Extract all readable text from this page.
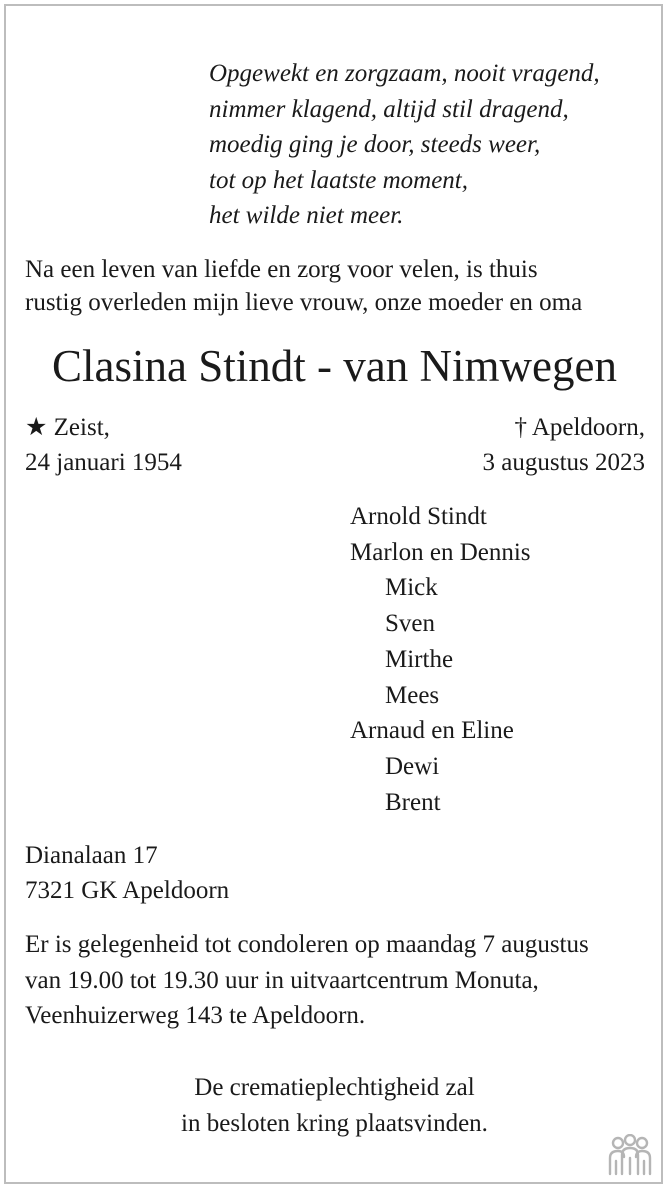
Opgewekt en zorgzaam, nooit vragend,
nimmer klagend, altijd stil dragend,
moedig ging je door, steeds weer,
tot op het laatste moment,
het wilde niet meer.
Na een leven van liefde en zorg voor velen, is thuis
rustig overleden mijn lieve vrouw, onze moeder en oma
Clasina Stindt - van Nimwegen
★ Zeist,
24 januari 1954
† Apeldoorn,
3 augustus 2023
Arnold Stindt
Marlon en Dennis
Mick
Sven
Mirthe
Mees
Arnaud en Eline
Dewi
Brent
Dianalaan 17
7321 GK Apeldoorn
Er is gelegenheid tot condoleren op maandag 7 augustus
van 19.00 tot 19.30 uur in uitvaartcentrum Monuta,
Veenhuizerweg 143 te Apeldoorn.
De crematieplechtigheid zal
in besloten kring plaatsvinden.
